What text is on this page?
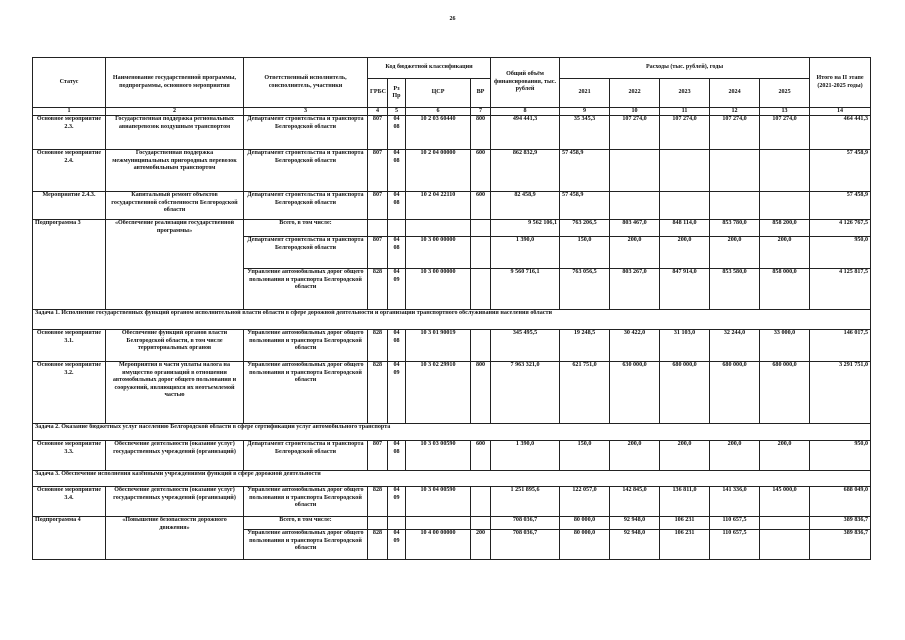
26
Статус	Наименование государственной программы, подпрограммы, основного мероприятия	Ответственный исполнитель, соисполнитель, участники	Код бюджетной классификации				Общий объём финансирования, тыс. рублей	Расходы (тыс. рублей), годы					Итого на II этапе (2021-2025 годы)
			ГРБС	Рз Пр	ЦСР	ВР		2021	2022	2023	2024	2025	
1	2	3	4	5	6	7	8	9	10	11	12	13	14
Основное мероприятие 2.3.	Государственная поддержка региональных авиаперевозок воздушным транспортом	Департамент строительства и транспорта Белгородской области	807	04 08	10 2 03 60440	800	494 441,3	35 345,3	107 274,0	107 274,0	107 274,0	107 274,0	464 441,3
Основное мероприятие 2.4.	Государственная поддержка межмуниципальных пригородных перевозок автомобильным транспортом	Департамент строительства и транспорта Белгородской области	807	04 08	10 2 04 00000	600	862 832,9	57 458,9					57 458,9
Мероприятие 2.4.3.	Капитальный ремонт объектов государственной собственности Белгородской области	Департамент строительства и транспорта Белгородской области	807	04 08	10 2 04 22110	600	82 458,9	57 458,9					57 458,9
Подпрограмма 3	«Обеспечение реализации государственной программы»	Всего, в том числе:					9 562 106,1	763 206,5	803 467,0	848 114,0	853 780,0	858 200,0	4 126 767,5
		Департамент строительства и транспорта Белгородской области	807	04 08	10 3 00 00000		1 390,0	150,0	200,0	200,0	200,0	200,0	950,0
		Управление автомобильных дорог общего пользования и транспорта Белгородской области	828	04 09	10 3 00 00000		9 560 716,1	763 056,5	803 267,0	847 914,0	853 580,0	858 000,0	4 125 817,5
Задача 1. Исполнение государственных функций органом исполнительной власти области в сфере дорожной деятельности и организации транспортного обслуживания населения области													
Основное мероприятие 3.1.	Обеспечение функций органов власти Белгородской области, в том числе территориальных органов	Управление автомобильных дорог общего пользования и транспорта Белгородской области	828	04 08	10 3 01 90019		345 495,5	19 248,5	30 422,0	31 103,0	32 244,0	33 000,0	146 017,5
Основное мероприятие 3.2.	Мероприятия в части уплаты налога на имущество организаций в отношении автомобильных дорог общего пользования и сооружений, являющихся их неотъемлемой частью	Управление автомобильных дорог общего пользования и транспорта Белгородской области	828	04 09	10 3 02 29910	800	7 963 321,0	621 751,0	630 000,0	680 000,0	680 000,0	680 000,0	3 291 751,0
Задача 2. Оказание бюджетных услуг населению Белгородской области в сфере сертификации услуг автомобильного транспорта													
Основное мероприятие 3.3.	Обеспечение деятельности (оказание услуг) государственных учреждений (организаций)	Департамент строительства и транспорта Белгородской области	807	04 08	10 3 03 00590	600	1 390,0	150,0	200,0	200,0	200,0	200,0	950,0
Задача 3. Обеспечение исполнения казёнными учреждениями функций в сфере дорожной деятельности													
Основное мероприятие 3.4.	Обеспечение деятельности (оказание услуг) государственных учреждений (организаций)	Управление автомобильных дорог общего пользования и транспорта Белгородской области	828	04 09	10 3 04 00590		1 251 895,6	122 057,0	142 845,0	136 811,0	141 336,0	145 000,0	688 049,0
Подпрограмма 4	«Повышение безопасности дорожного движения»	Всего, в том числе:					708 036,7	80 000,0	92 948,0	106 231	110 657,5		389 836,7
		Управление автомобильных дорог общего пользования и транспорта Белгородской области	828	04 09	10 4 00 00000	200	708 036,7	80 000,0	92 948,0	106 231	110 657,5		389 836,7
